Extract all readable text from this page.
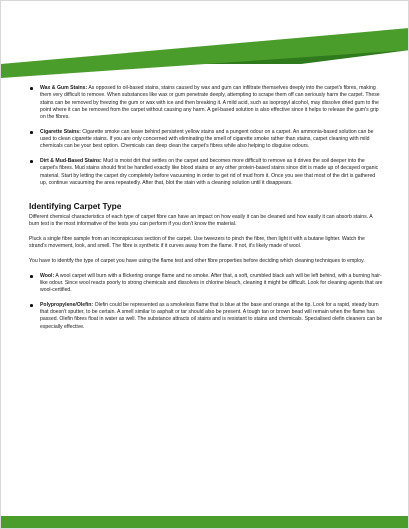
Wax & Gum Stains: As opposed to oil-based stains, stains caused by wax and gum can infiltrate themselves deeply into the carpet's fibres, making them very difficult to remove. When substances like wax or gum penetrate deeply, attempting to scrape them off can seriously harm the carpet. These stains can be removed by freezing the gum or wax with ice and then breaking it. A mild acid, such as isopropyl alcohol, may dissolve dried gum to the point where it can be removed from the carpet without causing any harm. A gel-based solution is also effective since it helps to release the gum's grip on the fibres.
Cigarette Stains: Cigarette smoke can leave behind persistent yellow stains and a pungent odour on a carpet. An ammonia-based solution can be used to clean cigarette stains. If you are only concerned with eliminating the smell of cigarette smoke rather than stains, carpet cleaning with mild chemicals can be your best option. Chemicals can deep clean the carpet's fibres while also helping to disguise odours.
Dirt & Mud-Based Stains: Mud is moist dirt that settles on the carpet and becomes more difficult to remove as it drives the soil deeper into the carpet's fibres. Mud stains should first be handled exactly like blood stains or any other protein-based stains since dirt is made up of decayed organic material. Start by letting the carpet dry completely before vacuuming in order to get rid of mud from it. Once you see that most of the dirt is gathered up, continue vacuuming the area repeatedly. After that, blot the stain with a cleaning solution until it disappears.
Identifying Carpet Type

Different chemical characteristics of each type of carpet fibre can have an impact on how easily it can be cleaned and how easily it can absorb stains. A burn test is the most informative of the tests you can perform if you don't know the material.

Pluck a single fibre sample from an inconspicuous section of the carpet. Use tweezers to pinch the fibre, then light it with a butane lighter. Watch the strand's movement, look, and smell. The fibre is synthetic if it curves away from the flame. If not, it's likely made of wool.

You have to identify the type of carpet you have using the flame test and other fibre properties before deciding which cleaning techniques to employ.

Wool: A wool carpet will burn with a flickering orange flame and no smoke. After that, a soft, crumbled black ash will be left behind, with a burning hair-like odour. Since wool reacts poorly to strong chemicals and dissolves in chlorine bleach, cleaning it might be difficult. Look for cleaning agents that are wool-certified.
Polypropylene/Olefin: Olefin could be represented as a smokeless flame that is blue at the base and orange at the tip. Look for a rapid, steady burn that doesn't sputter, to be certain. A smell similar to asphalt or tar should also be present. A tough tan or brown bead will remain when the flame has passed. Olefin fibres float in water as well. The substance attracts oil stains and is resistant to stains and chemicals. Specialised olefin cleaners can be especially effective.
